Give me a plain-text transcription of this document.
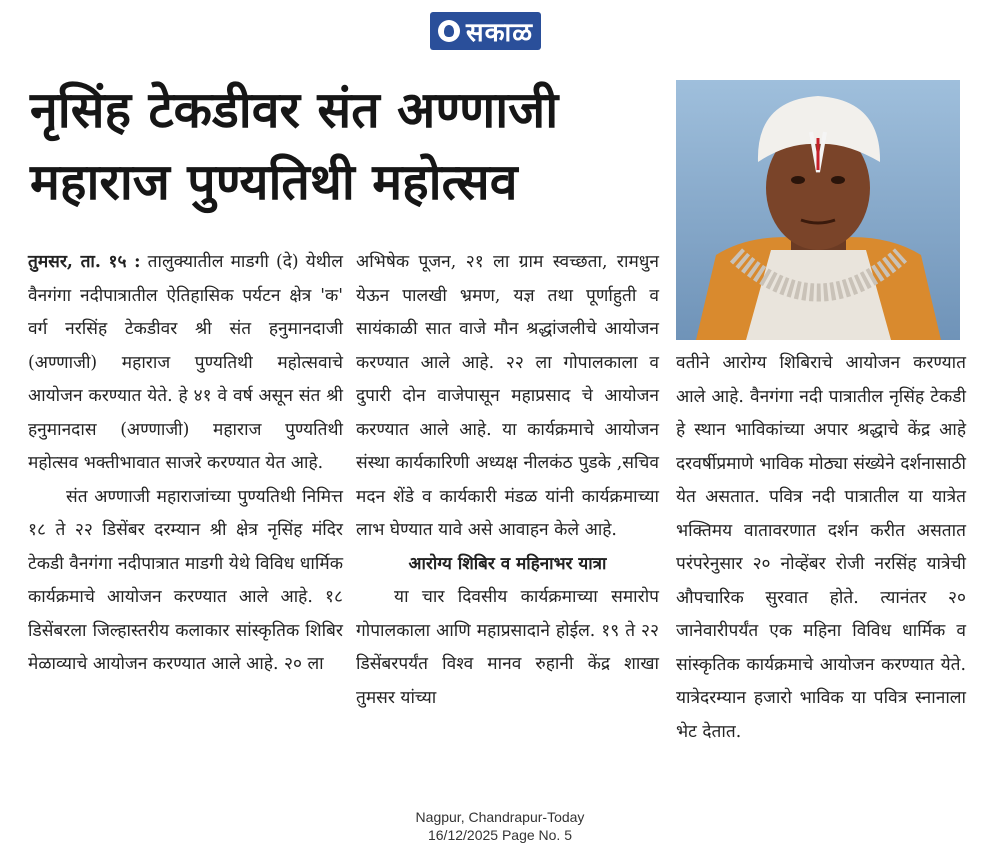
सकाळ
नृसिंह टेकडीवर संत अण्णाजी
महाराज पुण्यतिथी महोत्सव

तुमसर, ता. १५ : तालुक्यातील माडगी (दे) येथील वैनगंगा नदीपात्रातील ऐतिहासिक पर्यटन क्षेत्र 'क' वर्ग नरसिंह टेकडीवर श्री संत हनुमानदाजी (अण्णाजी) महाराज पुण्यतिथी महोत्सवाचे आयोजन करण्यात येते. हे ४१ वे वर्ष असून संत श्री हनुमानदास (अण्णाजी) महाराज पुण्यतिथी महोत्सव भक्तीभावात साजरे करण्यात येत आहे.

संत अण्णाजी महाराजांच्या पुण्यतिथी निमित्त १८ ते २२ डिसेंबर दरम्यान श्री क्षेत्र नृसिंह मंदिर टेकडी वैनगंगा नदीपात्रात माडगी येथे विविध धार्मिक कार्यक्रमाचे आयोजन करण्यात आले आहे. १८ डिसेंबरला जिल्हास्तरीय कलाकार सांस्कृतिक शिबिर मेळाव्याचे आयोजन करण्यात आले आहे. २० ला

अभिषेक पूजन, २१ ला ग्राम स्वच्छता, रामधुन येऊन पालखी भ्रमण, यज्ञ तथा पूर्णाहुती व सायंकाळी सात वाजे मौन श्रद्धांजलीचे आयोजन करण्यात आले आहे. २२ ला गोपालकाला व दुपारी दोन वाजेपासून महाप्रसाद चे आयोजन करण्यात आले आहे. या कार्यक्रमाचे आयोजन संस्था कार्यकारिणी अध्यक्ष नीलकंठ पुडके ,सचिव मदन शेंडे व कार्यकारी मंडळ यांनी कार्यक्रमाच्या लाभ घेण्यात यावे असे आवाहन केले आहे.

आरोग्य शिबिर व महिनाभर यात्रा

या चार दिवसीय कार्यक्रमाच्या समारोप गोपालकाला आणि महाप्रसादाने होईल. १९ ते २२ डिसेंबरपर्यंत विश्व मानव रुहानी केंद्र शाखा तुमसर यांच्या

वतीने आरोग्य शिबिराचे आयोजन करण्यात आले आहे. वैनगंगा नदी पात्रातील नृसिंह टेकडी हे स्थान भाविकांच्या अपार श्रद्धाचे केंद्र आहे दरवर्षीप्रमाणे भाविक मोठ्या संख्येने दर्शनासाठी येत असतात. पवित्र नदी पात्रातील या यात्रेत भक्तिमय वातावरणात दर्शन करीत असतात परंपरेनुसार २० नोव्हेंबर रोजी नरसिंह यात्रेची औपचारिक सुरवात होते. त्यानंतर २० जानेवारीपर्यंत एक महिना विविध धार्मिक व सांस्कृतिक कार्यक्रमाचे आयोजन करण्यात येते. यात्रेदरम्यान हजारो भाविक या पवित्र स्नानाला भेट देतात.

Nagpur, Chandrapur-Today
16/12/2025 Page No. 5
